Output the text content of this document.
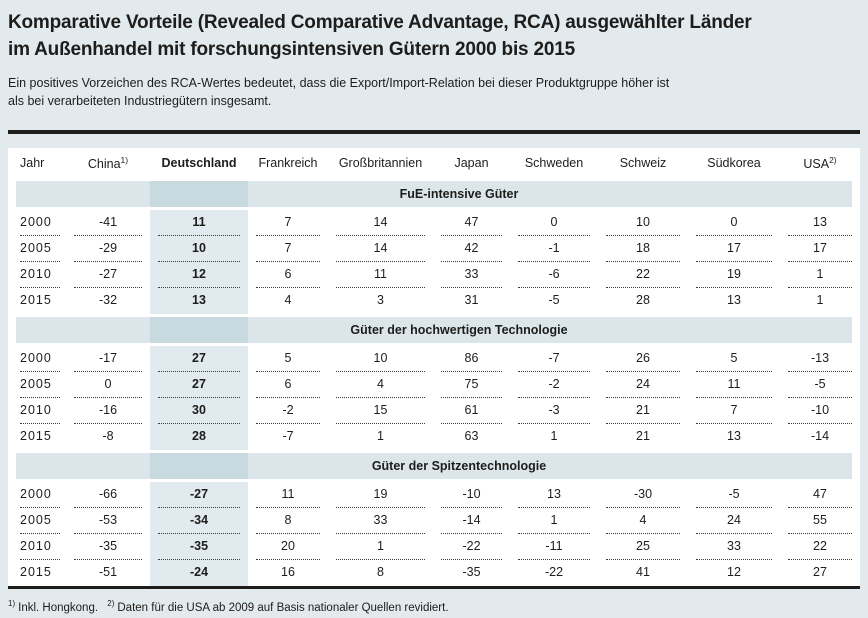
Komparative Vorteile (Revealed Comparative Advantage, RCA) ausgewählter Länder
im Außenhandel mit forschungsintensiven Gütern 2000 bis 2015
Ein positives Vorzeichen des RCA-Wertes bedeutet, dass die Export/Import-Relation bei dieser Produktgruppe höher ist
als bei verarbeiteten Industriegütern insgesamt.
Jahr	China$^{1)}$	Deutschland	Frankreich	Großbritannien	Japan	Schweden	Schweiz	Südkorea	USA$^{2)}$

FuE-intensive Güter									

2000	-41	11	7	14	47	0	10	0	13

2005	-29	10	7	14	42	-1	18	17	17

2010	-27	12	6	11	33	-6	22	19	1

2015	-32	13	4	3	31	-5	28	13	1

Güter der hochwertigen Technologie									

2000	-17	27	5	10	86	-7	26	5	-13

2005	0	27	6	4	75	-2	24	11	-5

2010	-16	30	-2	15	61	-3	21	7	-10

2015	-8	28	-7	1	63	1	21	13	-14

Güter der Spitzentechnologie									

2000	-66	-27	11	19	-10	13	-30	-5	47

2005	-53	-34	8	33	-14	1	4	24	55

2010	-35	-35	20	1	-22	-11	25	33	22

2015	-51	-24	16	8	-35	-22	41	12	27
$^{1)}$ Inkl. Hongkong. $^{2)}$ Daten für die USA ab 2009 auf Basis nationaler Quellen revidiert.
